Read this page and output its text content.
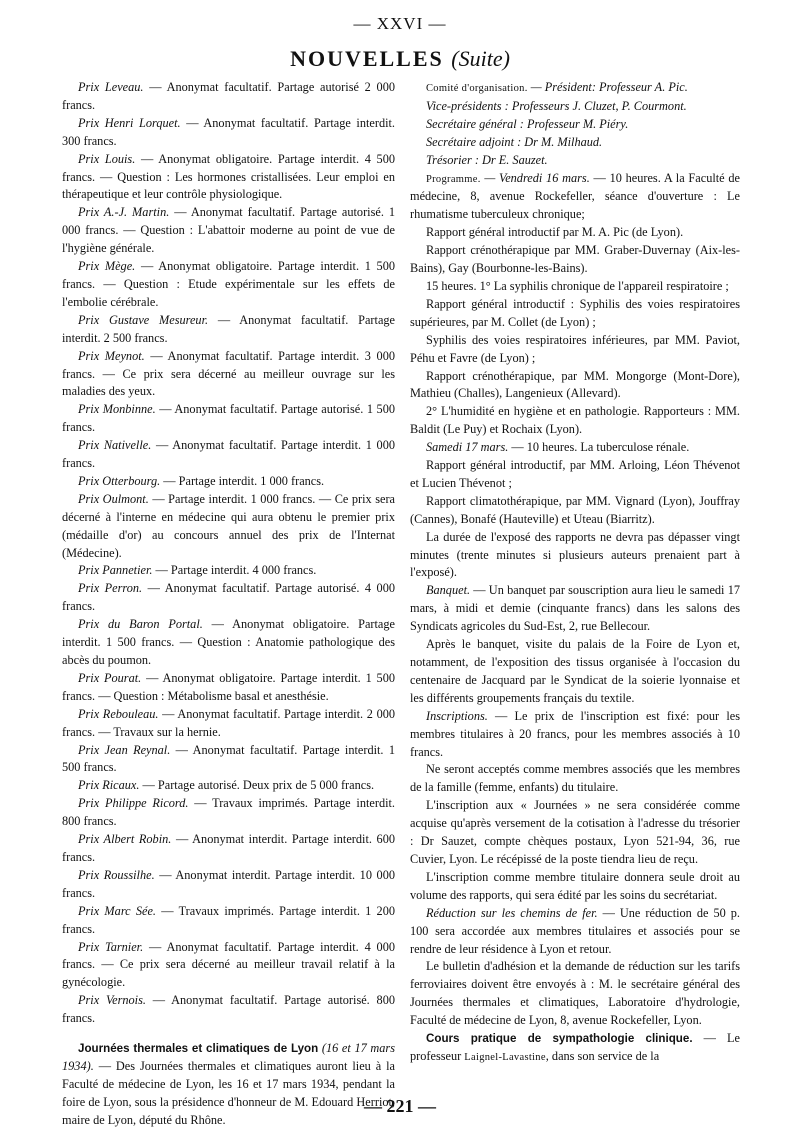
— XXVI —
NOUVELLES (Suite)

Prix Leveau. — Anonymat facultatif. Partage autorisé 2 000 francs.

Prix Henri Lorquet. — Anonymat facultatif. Partage interdit. 300 francs.

Prix Louis. — Anonymat obligatoire. Partage interdit. 4 500 francs. — Question : Les hormones cristallisées. Leur emploi en thérapeutique et leur contrôle physiologique.

Prix A.-J. Martin. — Anonymat facultatif. Partage autorisé. 1 000 francs. — Question : L'abattoir moderne au point de vue de l'hygiène générale.

Prix Mège. — Anonymat obligatoire. Partage interdit. 1 500 francs. — Question : Etude expérimentale sur les effets de l'embolie cérébrale.

Prix Gustave Mesureur. — Anonymat facultatif. Partage interdit. 2 500 francs.

Prix Meynot. — Anonymat facultatif. Partage interdit. 3 000 francs. — Ce prix sera décerné au meilleur ouvrage sur les maladies des yeux.

Prix Monbinne. — Anonymat facultatif. Partage autorisé. 1 500 francs.

Prix Nativelle. — Anonymat facultatif. Partage interdit. 1 000 francs.

Prix Otterbourg. — Partage interdit. 1 000 francs.

Prix Oulmont. — Partage interdit. 1 000 francs. — Ce prix sera décerné à l'interne en médecine qui aura obtenu le premier prix (médaille d'or) au concours annuel des prix de l'Internat (Médecine).

Prix Pannetier. — Partage interdit. 4 000 francs.

Prix Perron. — Anonymat facultatif. Partage autorisé. 4 000 francs.

Prix du Baron Portal. — Anonymat obligatoire. Partage interdit. 1 500 francs. — Question : Anatomie pathologique des abcès du poumon.

Prix Pourat. — Anonymat obligatoire. Partage interdit. 1 500 francs. — Question : Métabolisme basal et anesthésie.

Prix Rebouleau. — Anonymat facultatif. Partage interdit. 2 000 francs. — Travaux sur la hernie.

Prix Jean Reynal. — Anonymat facultatif. Partage interdit. 1 500 francs.

Prix Ricaux. — Partage autorisé. Deux prix de 5 000 francs.

Prix Philippe Ricord. — Travaux imprimés. Partage interdit. 800 francs.

Prix Albert Robin. — Anonymat interdit. Partage interdit. 600 francs.

Prix Roussilhe. — Anonymat interdit. Partage interdit. 10 000 francs.

Prix Marc Sée. — Travaux imprimés. Partage interdit. 1 200 francs.

Prix Tarnier. — Anonymat facultatif. Partage interdit. 4 000 francs. — Ce prix sera décerné au meilleur travail relatif à la gynécologie.

Prix Vernois. — Anonymat facultatif. Partage autorisé. 800 francs.

Journées thermales et climatiques de Lyon (16 et 17 mars 1934). — Des Journées thermales et climatiques auront lieu à la Faculté de médecine de Lyon, les 16 et 17 mars 1934, pendant la foire de Lyon, sous la présidence d'honneur de M. Edouard Herriot, maire de Lyon, député du Rhône.

Comité d'organisation. — Président: Professeur A. Pic.

Vice-présidents : Professeurs J. Cluzet, P. Courmont.

Secrétaire général : Professeur M. Piéry.

Secrétaire adjoint : Dr M. Milhaud.

Trésorier : Dr E. Sauzet.

Programme. — Vendredi 16 mars. — 10 heures. A la Faculté de médecine, 8, avenue Rockefeller, séance d'ouverture : Le rhumatisme tuberculeux chronique;

Rapport général introductif par M. A. Pic (de Lyon).

Rapport crénothérapique par MM. Graber-Duvernay (Aix-les-Bains), Gay (Bourbonne-les-Bains).

15 heures. 1° La syphilis chronique de l'appareil respiratoire ;

Rapport général introductif : Syphilis des voies respiratoires supérieures, par M. Collet (de Lyon) ;

Syphilis des voies respiratoires inférieures, par MM. Paviot, Péhu et Favre (de Lyon) ;

Rapport crénothérapique, par MM. Mongorge (Mont-Dore), Mathieu (Challes), Langenieux (Allevard).

2° L'humidité en hygiène et en pathologie. Rapporteurs : MM. Baldit (Le Puy) et Rochaix (Lyon).

Samedi 17 mars. — 10 heures. La tuberculose rénale.

Rapport général introductif, par MM. Arloing, Léon Thévenot et Lucien Thévenot ;

Rapport climatothérapique, par MM. Vignard (Lyon), Jouffray (Cannes), Bonafé (Hauteville) et Uteau (Biarritz).

La durée de l'exposé des rapports ne devra pas dépasser vingt minutes (trente minutes si plusieurs auteurs prenaient part à l'exposé).

Banquet. — Un banquet par souscription aura lieu le samedi 17 mars, à midi et demie (cinquante francs) dans les salons des Syndicats agricoles du Sud-Est, 2, rue Bellecour.

Après le banquet, visite du palais de la Foire de Lyon et, notamment, de l'exposition des tissus organisée à l'occasion du centenaire de Jacquard par le Syndicat de la soierie lyonnaise et les différents groupements français du textile.

Inscriptions. — Le prix de l'inscription est fixé: pour les membres titulaires à 20 francs, pour les membres associés à 10 francs.

Ne seront acceptés comme membres associés que les membres de la famille (femme, enfants) du titulaire.

L'inscription aux « Journées » ne sera considérée comme acquise qu'après versement de la cotisation à l'adresse du trésorier : Dr Sauzet, compte chèques postaux, Lyon 521-94, 36, rue Cuvier, Lyon. Le récépissé de la poste tiendra lieu de reçu.

L'inscription comme membre titulaire donnera seule droit au volume des rapports, qui sera édité par les soins du secrétariat.

Réduction sur les chemins de fer. — Une réduction de 50 p. 100 sera accordée aux membres titulaires et associés pour se rendre de leur résidence à Lyon et retour.

Le bulletin d'adhésion et la demande de réduction sur les tarifs ferroviaires doivent être envoyés à : M. le secrétaire général des Journées thermales et climatiques, Laboratoire d'hydrologie, Faculté de médecine de Lyon, 8, avenue Rockefeller, Lyon.

Cours pratique de sympathologie clinique. — Le professeur Laignel-Lavastine, dans son service de la

— 221 —
